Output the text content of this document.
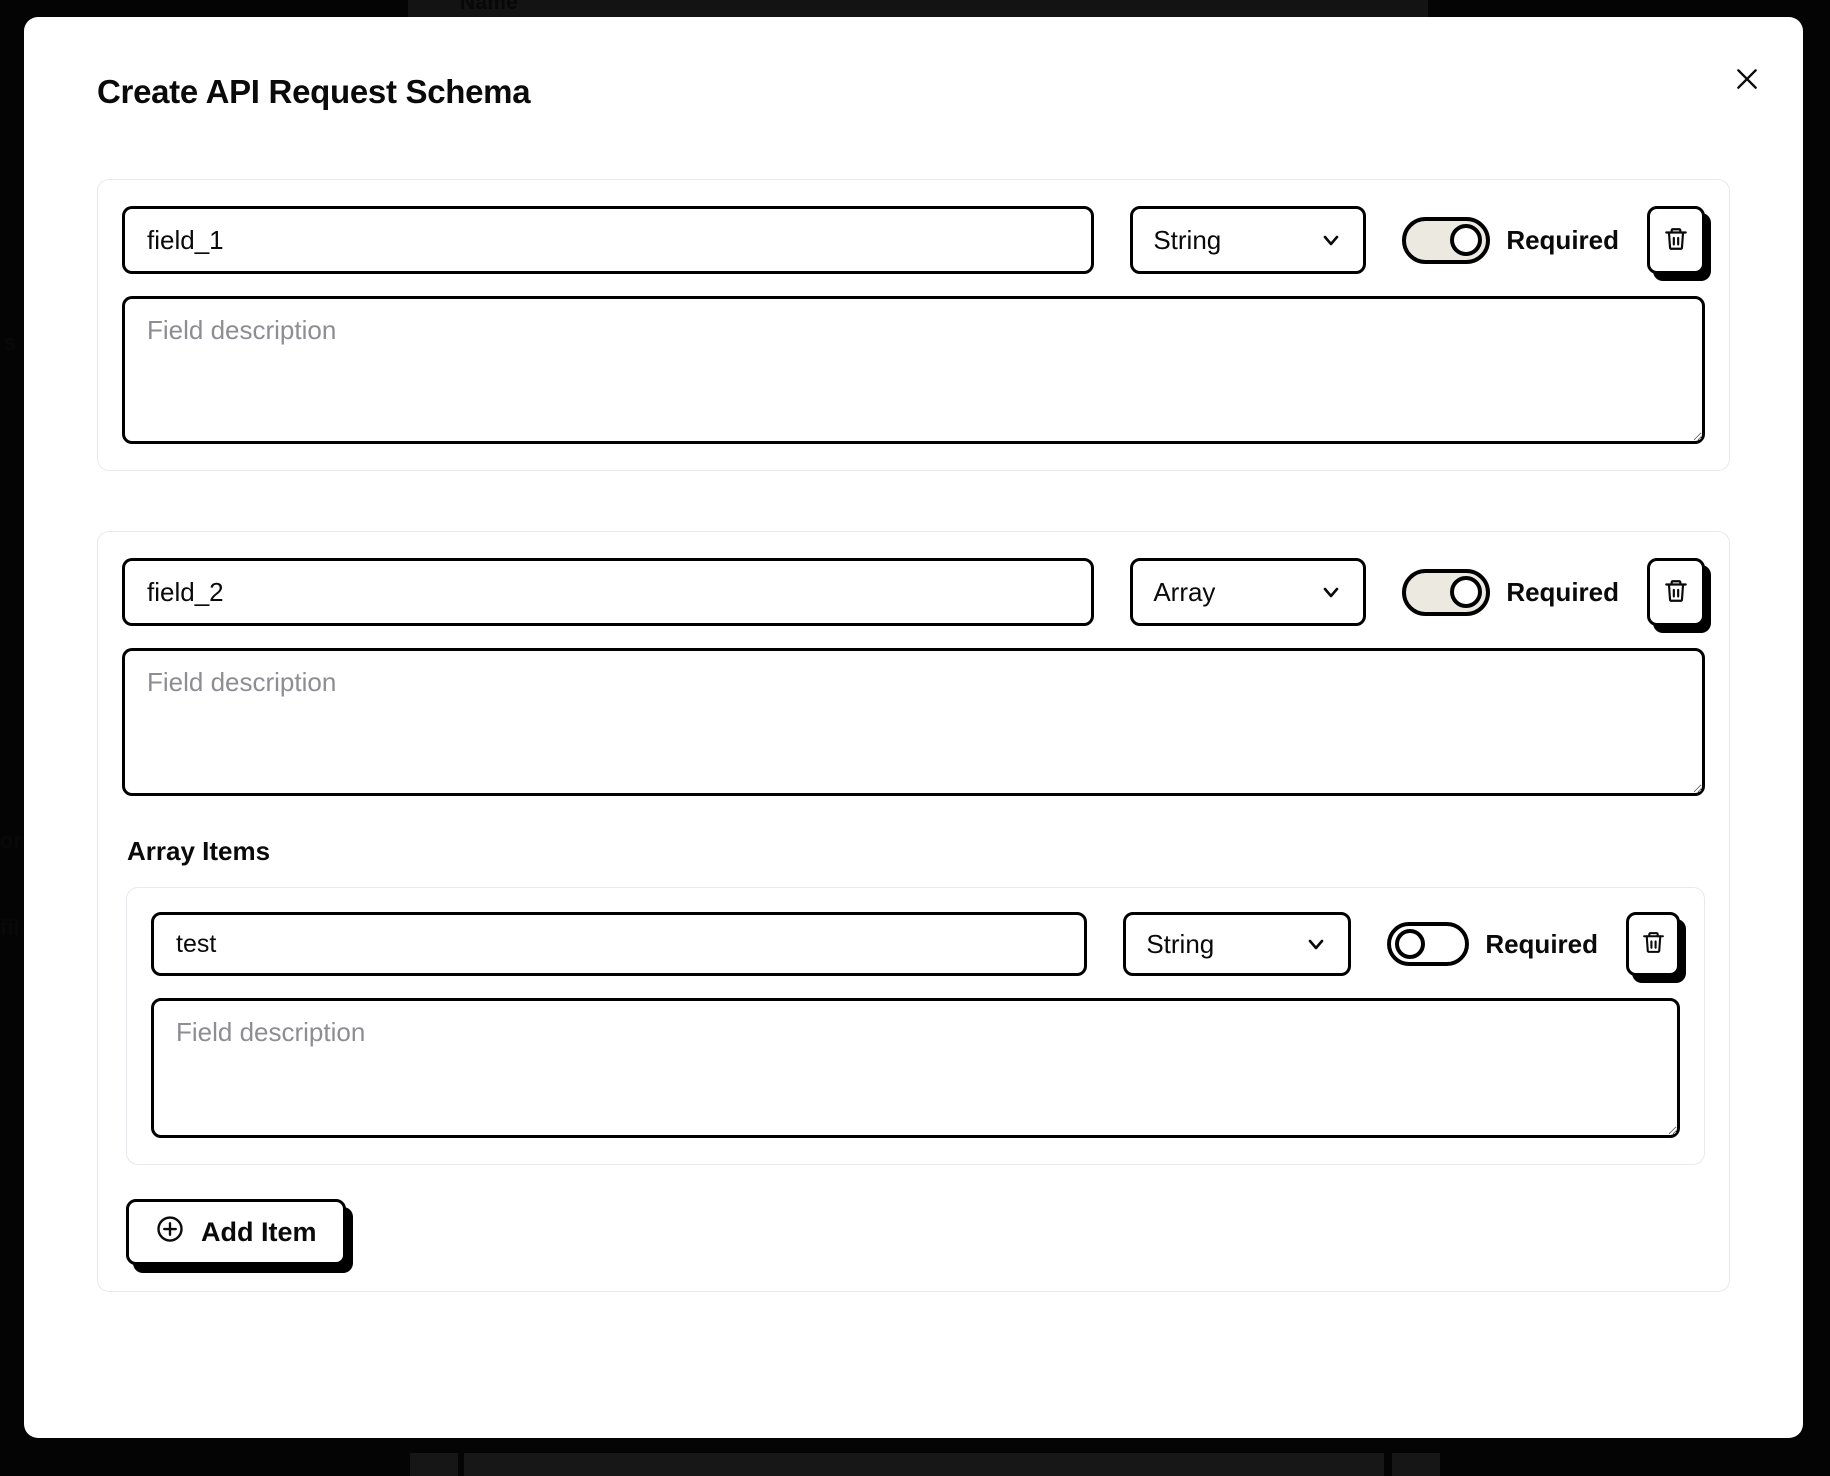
Create API Request Schema
field_1
String	Required
Field description
field_2
Array	Required
Field description
Array Items
test
String	Required
Field description
Add Item
